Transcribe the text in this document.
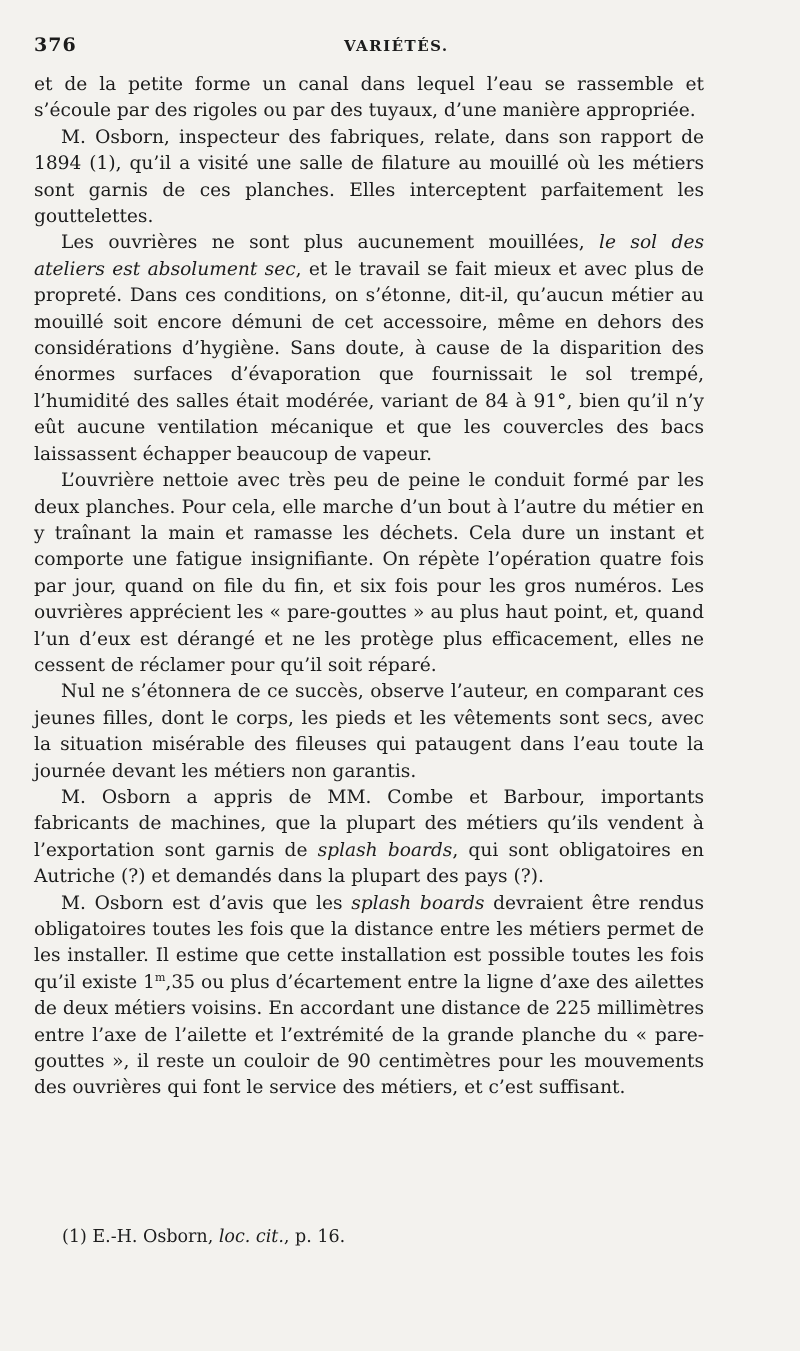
376	VARIÉTÉS.

et de la petite forme un canal dans lequel l’eau se rassemble et s’écoule par des rigoles ou par des tuyaux, d’une manière appropriée.

M. Osborn, inspecteur des fabriques, relate, dans son rapport de 1894 (1), qu’il a visité une salle de filature au mouillé où les métiers sont garnis de ces planches. Elles interceptent parfaitement les gouttelettes.

Les ouvrières ne sont plus aucunement mouillées, le sol des ateliers est absolument sec, et le travail se fait mieux et avec plus de propreté. Dans ces conditions, on s’étonne, dit-il, qu’aucun métier au mouillé soit encore démuni de cet accessoire, même en dehors des considérations d’hygiène. Sans doute, à cause de la disparition des énormes surfaces d’évaporation que fournissait le sol trempé, l’humidité des salles était modérée, variant de 84 à 91°, bien qu’il n’y eût aucune ventilation mécanique et que les couvercles des bacs laissassent échapper beaucoup de vapeur.

L’ouvrière nettoie avec très peu de peine le conduit formé par les deux planches. Pour cela, elle marche d’un bout à l’autre du métier en y traînant la main et ramasse les déchets. Cela dure un instant et comporte une fatigue insignifiante. On répète l’opération quatre fois par jour, quand on file du fin, et six fois pour les gros numéros. Les ouvrières apprécient les « pare-gouttes » au plus haut point, et, quand l’un d’eux est dérangé et ne les protège plus efficacement, elles ne cessent de réclamer pour qu’il soit réparé.

Nul ne s’étonnera de ce succès, observe l’auteur, en comparant ces jeunes filles, dont le corps, les pieds et les vêtements sont secs, avec la situation misérable des fileuses qui pataugent dans l’eau toute la journée devant les métiers non garantis.

M. Osborn a appris de MM. Combe et Barbour, importants fabricants de machines, que la plupart des métiers qu’ils vendent à l’exportation sont garnis de splash boards, qui sont obligatoires en Autriche (?) et demandés dans la plupart des pays (?).

M. Osborn est d’avis que les splash boards devraient être rendus obligatoires toutes les fois que la distance entre les métiers permet de les installer. Il estime que cette installation est possible toutes les fois qu’il existe 1$^m$,35 ou plus d’écartement entre la ligne d’axe des ailettes de deux métiers voisins. En accordant une distance de 225 millimètres entre l’axe de l’ailette et l’extrémité de la grande planche du « pare-gouttes », il reste un couloir de 90 centimètres pour les mouvements des ouvrières qui font le service des métiers, et c’est suffisant.

(1) E.-H. Osborn, loc. cit., p. 16.
